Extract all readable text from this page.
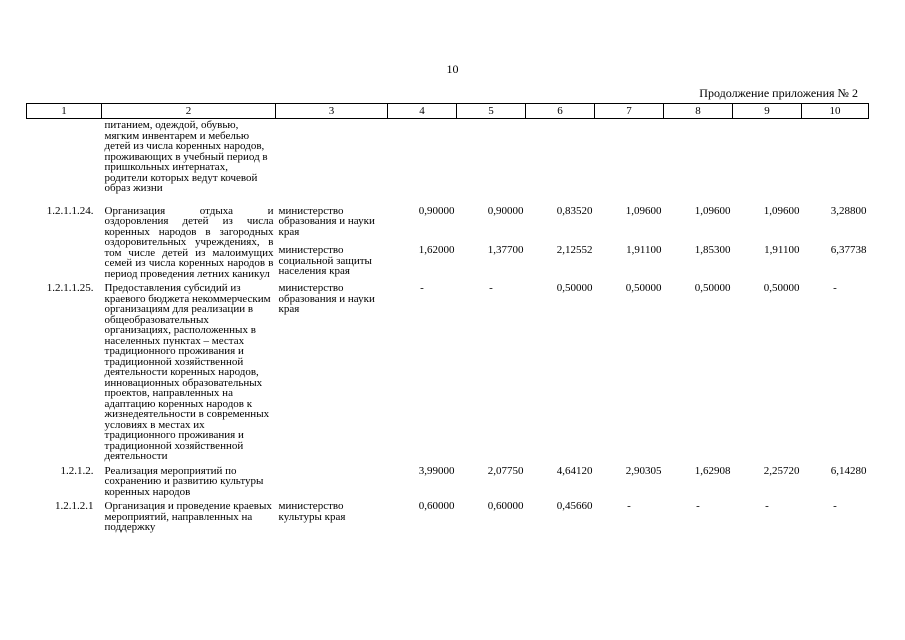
10
Продолжение приложения № 2
1	2	3	4	5	6	7	8	9	10
	питанием, одеждой, обувью, мягким инвентарем и мебелью детей из числа коренных народов, проживающих в учебный период в пришкольных интернатах, родители которых ведут кочевой образ жизни								

1.2.1.1.24.	Организация отдыха и оздоровления детей из числа коренных народов в загородных оздоровительных учреждениях, в том числе детей из малоимущих семей из числа коренных народов в период проведения летних каникул	министерство образования и науки края	0,90000	0,90000	0,83520	1,09600	1,09600	1,09600	3,28800
		министерство социальной защиты населения края	1,62000	1,37700	2,12552	1,91100	1,85300	1,91100	6,37738

1.2.1.1.25.	Предоставления субсидий из краевого бюджета некоммерческим организациям для реализации в общеобразовательных организациях, расположенных в населенных пунктах – местах традиционного проживания и традиционной хозяйственной деятельности коренных народов, инновационных образовательных проектов, направленных на адаптацию коренных народов к жизнедеятельности в современных условиях в местах их традиционного проживания и традиционной хозяйственной деятельности	министерство образования и науки края	-	-	0,50000	0,50000	0,50000	0,50000	-

1.2.1.2.	Реализация мероприятий по сохранению и развитию культуры коренных народов		3,99000	2,07750	4,64120	2,90305	1,62908	2,25720	6,14280

1.2.1.2.1	Организация и проведение краевых мероприятий, направленных на поддержку	министерство культуры края	0,60000	0,60000	0,45660	-	-	-	-
